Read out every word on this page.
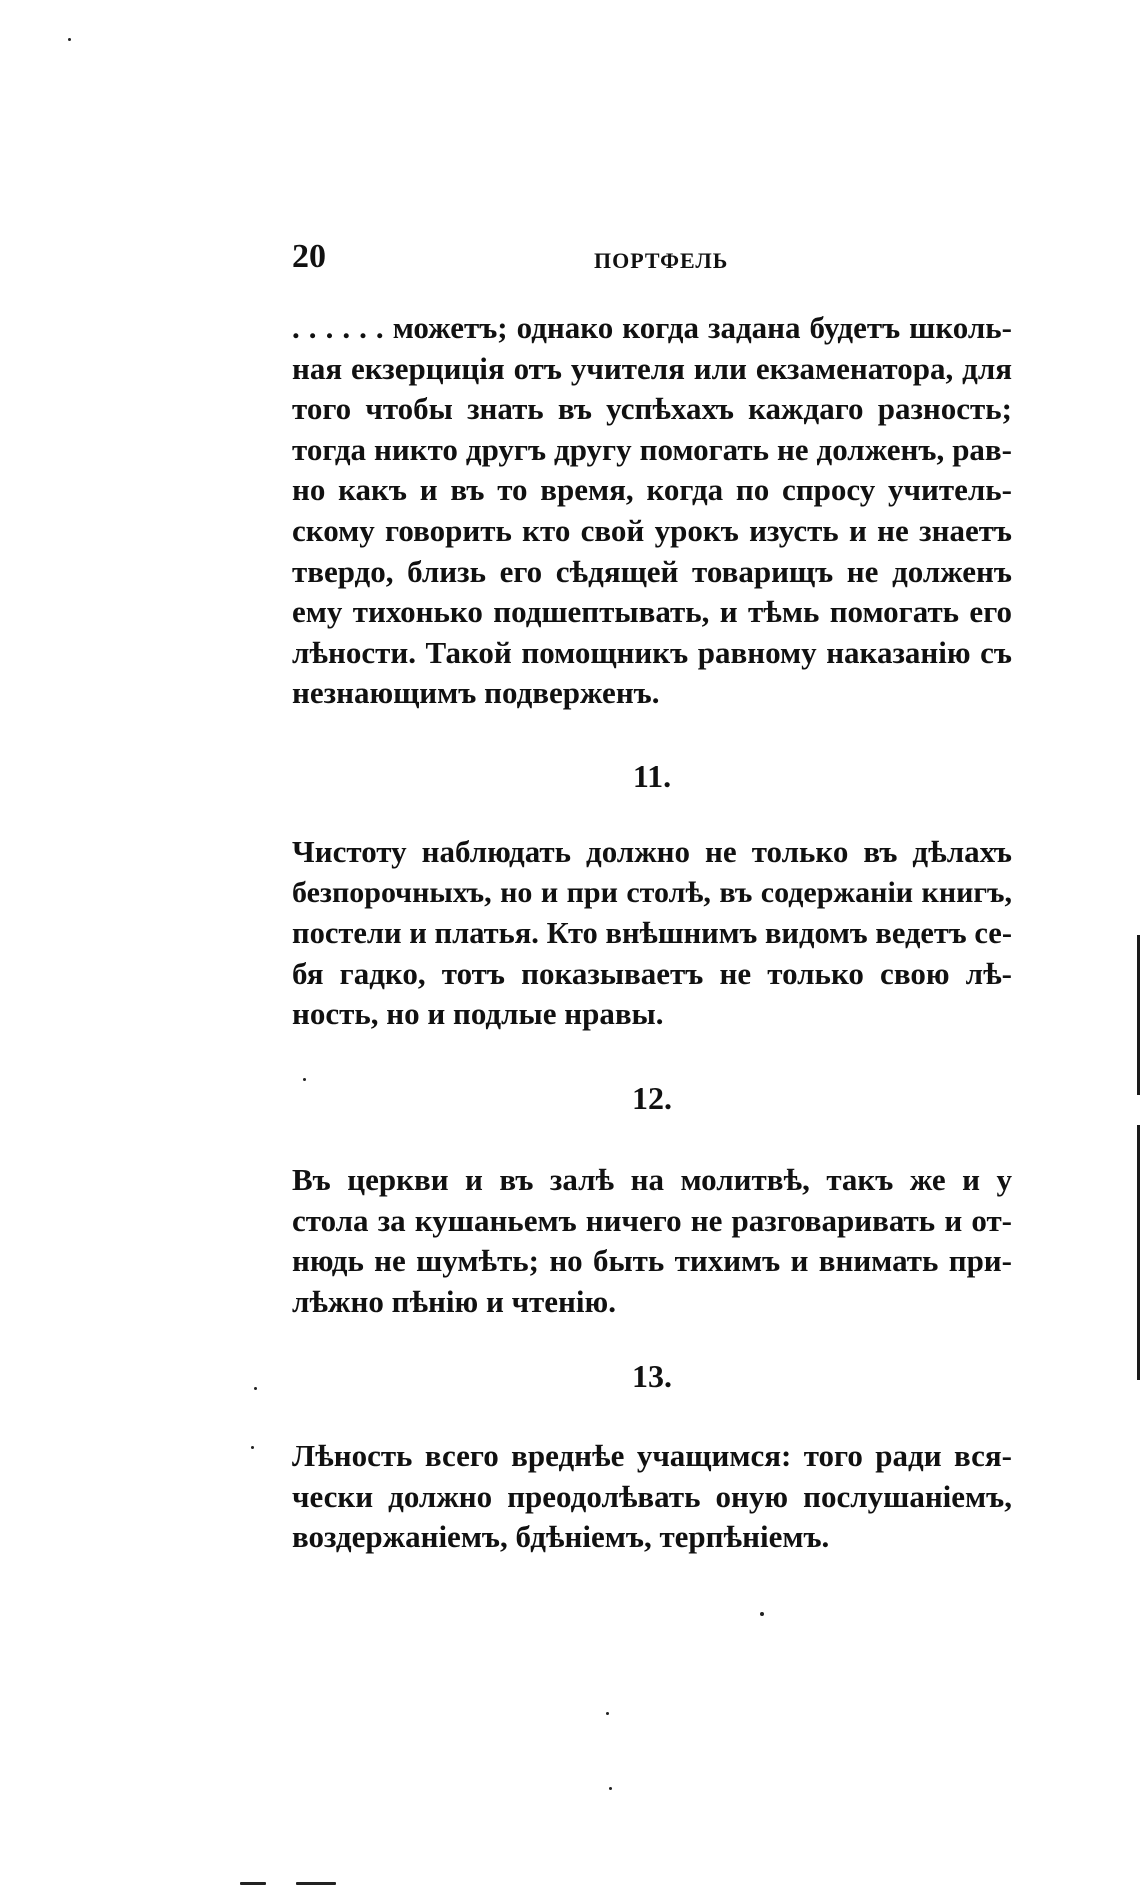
20	ПОРТФЕЛЬ
. . . . . . можетъ; однако когда задана будетъ школь-
ная екзерцицiя отъ учителя или екзаменатора, для
того чтобы знать въ успѣхахъ каждаго разность;
тогда никто другъ другу помогать не долженъ, рав-
но какъ и въ то время, когда по спросу учитель-
скому говорить кто свой урокъ изусть и не знаетъ
твердо, близь его сѣдящей товарищъ не долженъ
ему тихонько подшептывать, и тѣмь помогать его
лѣности. Такой помощникъ равному наказанiю съ
незнающимъ подверженъ.
11.
Чистоту наблюдать должно не только въ дѣлахъ
безпорочныхъ, но и при столѣ, въ содержанiи книгъ,
постели и платья. Кто внѣшнимъ видомъ ведетъ се-
бя гадко, тотъ показываетъ не только свою лѣ-
ность, но и подлые нравы.
12.
Въ церкви и въ залѣ на молитвѣ, такъ же и у
стола за кушаньемъ ничего не разговаривать и от-
нюдь не шумѣть; но быть тихимъ и внимать при-
лѣжно пѣнiю и чтенiю.
13.
Лѣность всего вреднѣе учащимся: того ради вся-
чески должно преодолѣвать оную послушанiемъ,
воздержанiемъ, бдѣнiемъ, терпѣнiемъ.
